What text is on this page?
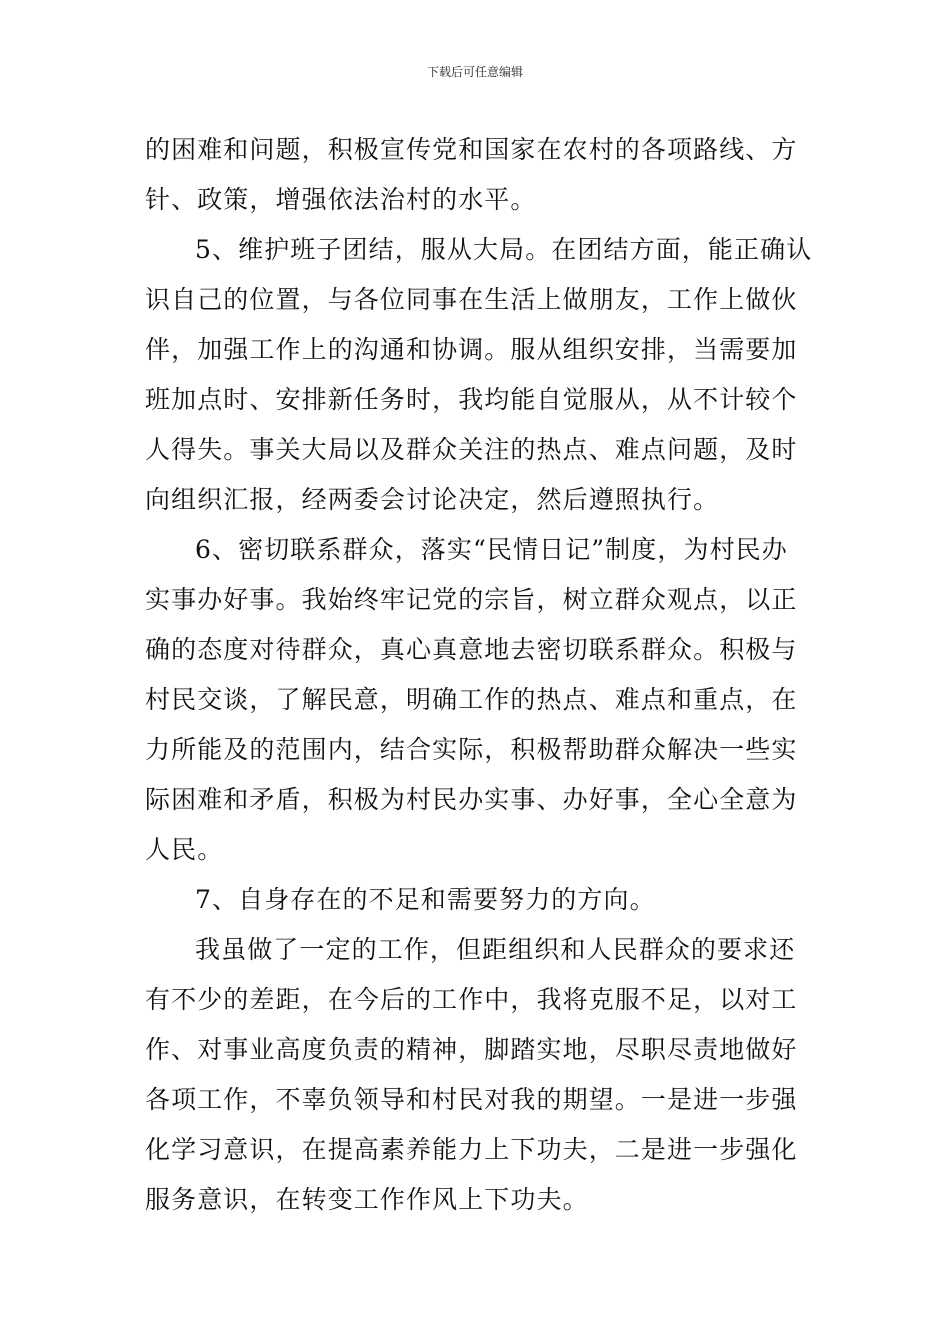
下载后可任意编辑
的困难和问题，积极宣传党和国家在农村的各项路线、方
针、政策，增强依法治村的水平。
5、维护班子团结，服从大局。在团结方面，能正确认
识自己的位置，与各位同事在生活上做朋友，工作上做伙
伴，加强工作上的沟通和协调。服从组织安排，当需要加
班加点时、安排新任务时，我均能自觉服从，从不计较个
人得失。事关大局以及群众关注的热点、难点问题，及时
向组织汇报，经两委会讨论决定，然后遵照执行。
6、密切联系群众，落实“民情日记”制度，为村民办
实事办好事。我始终牢记党的宗旨，树立群众观点，以正
确的态度对待群众，真心真意地去密切联系群众。积极与
村民交谈，了解民意，明确工作的热点、难点和重点，在
力所能及的范围内，结合实际，积极帮助群众解决一些实
际困难和矛盾，积极为村民办实事、办好事，全心全意为
人民。
7、自身存在的不足和需要努力的方向。
我虽做了一定的工作，但距组织和人民群众的要求还
有不少的差距，在今后的工作中，我将克服不足，以对工
作、对事业高度负责的精神，脚踏实地，尽职尽责地做好
各项工作，不辜负领导和村民对我的期望。一是进一步强
化学习意识，在提高素养能力上下功夫，二是进一步强化
服务意识，在转变工作作风上下功夫。
